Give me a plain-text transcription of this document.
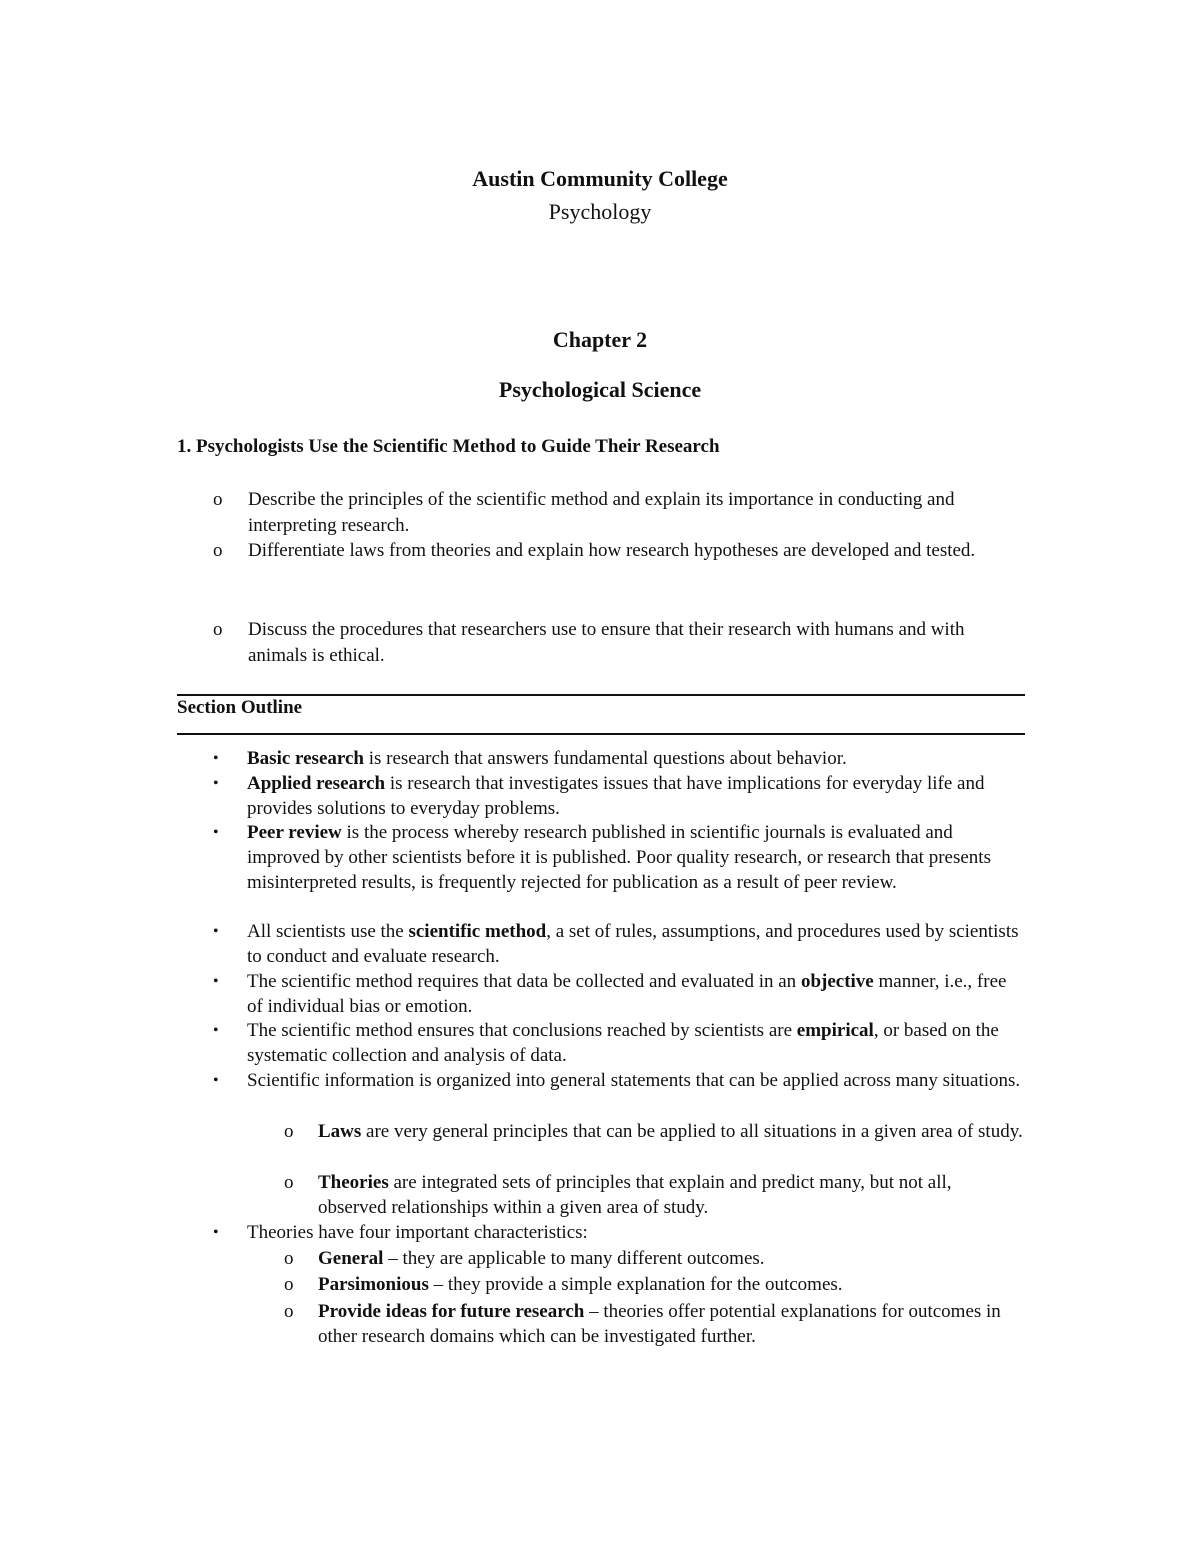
Austin Community College
Psychology
Chapter 2
Psychological Science
1. Psychologists Use the Scientific Method to Guide Their Research
o	Describe the principles of the scientific method and explain its importance in conducting and interpreting research.
o	Differentiate laws from theories and explain how research hypotheses are developed and tested.
o	Discuss the procedures that researchers use to ensure that their research with humans and with animals is ethical.
Section Outline
• Basic research is research that answers fundamental questions about behavior.
• Applied research is research that investigates issues that have implications for everyday life and provides solutions to everyday problems.
• Peer review is the process whereby research published in scientific journals is evaluated and improved by other scientists before it is published. Poor quality research, or research that presents misinterpreted results, is frequently rejected for publication as a result of peer review.
• All scientists use the scientific method, a set of rules, assumptions, and procedures used by scientists to conduct and evaluate research.
• The scientific method requires that data be collected and evaluated in an objective manner, i.e., free of individual bias or emotion.
• The scientific method ensures that conclusions reached by scientists are empirical, or based on the systematic collection and analysis of data.
• Scientific information is organized into general statements that can be applied across many situations.
o Laws are very general principles that can be applied to all situations in a given area of study.
o Theories are integrated sets of principles that explain and predict many, but not all, observed relationships within a given area of study.
• Theories have four important characteristics:
o General – they are applicable to many different outcomes.
o Parsimonious – they provide a simple explanation for the outcomes.
o Provide ideas for future research – theories offer potential explanations for outcomes in other research domains which can be investigated further.
